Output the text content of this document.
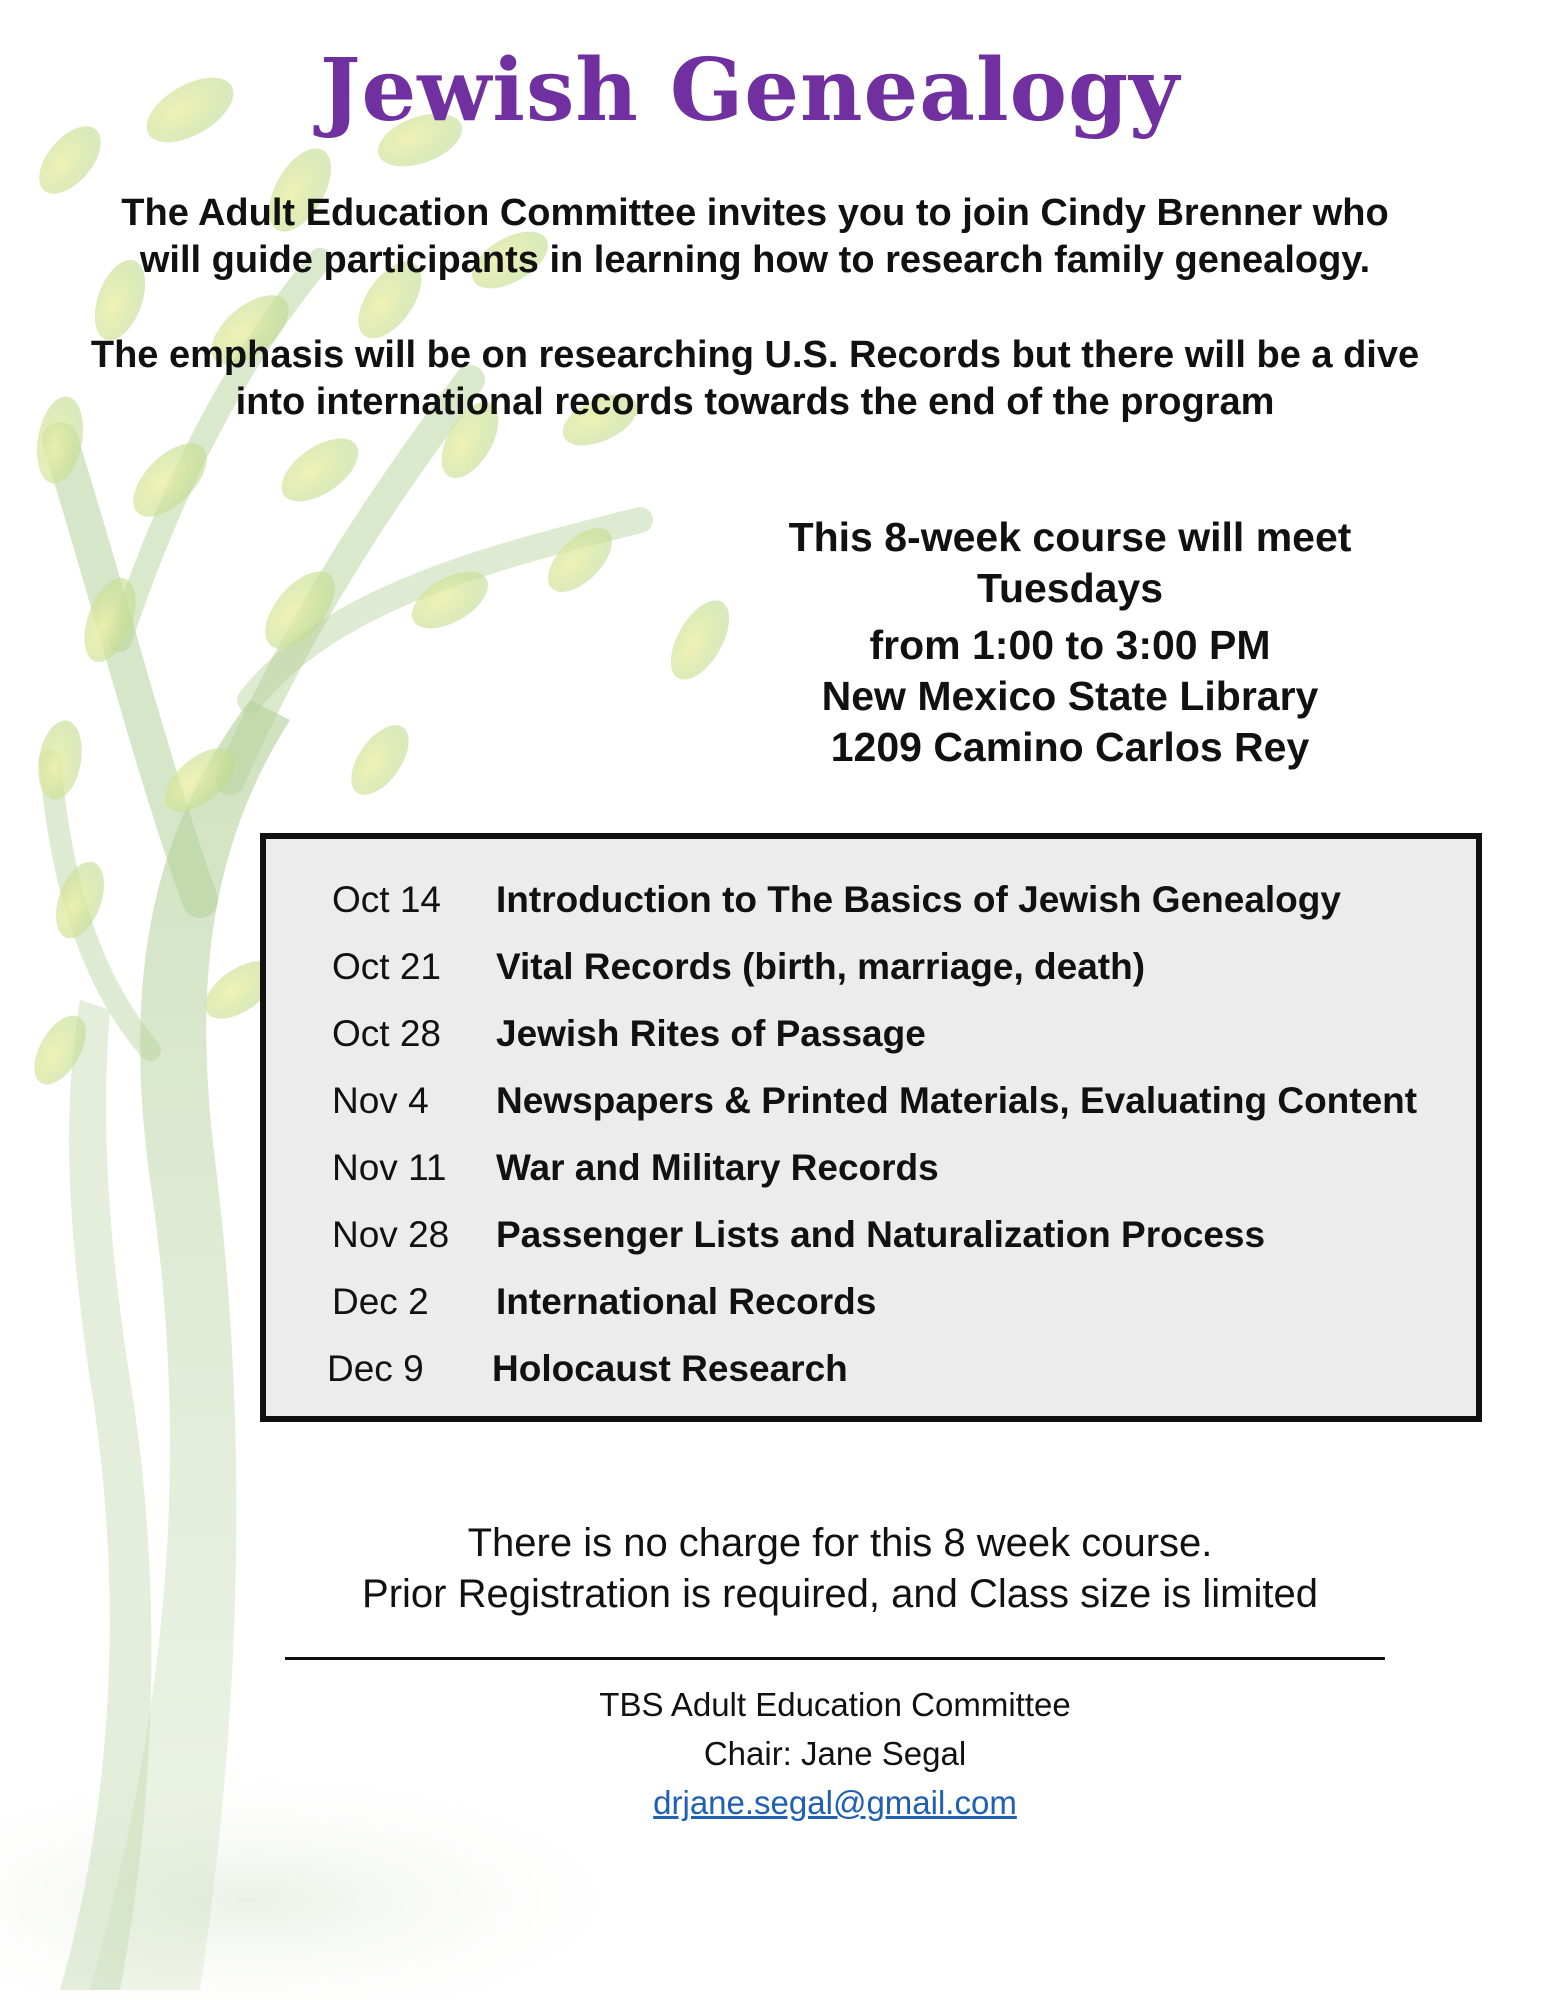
Jewish Genealogy
The Adult Education Committee invites you to join Cindy Brenner who
will guide participants in learning how to research family genealogy.
The emphasis will be on researching U.S. Records but there will be a dive
into international records towards the end of the program
This 8-week course will meet
Tuesdays
from 1:00 to 3:00 PM
New Mexico State Library
1209 Camino Carlos Rey
Oct 14 Introduction to The Basics of Jewish Genealogy
Oct 21 Vital Records (birth, marriage, death)
Oct 28 Jewish Rites of Passage
Nov 4 Newspapers & Printed Materials, Evaluating Content
Nov 11 War and Military Records
Nov 28 Passenger Lists and Naturalization Process
Dec 2 International Records
Dec 9 Holocaust Research
There is no charge for this 8 week course.
Prior Registration is required, and Class size is limited
TBS Adult Education Committee
Chair: Jane Segal
drjane.segal@gmail.com
